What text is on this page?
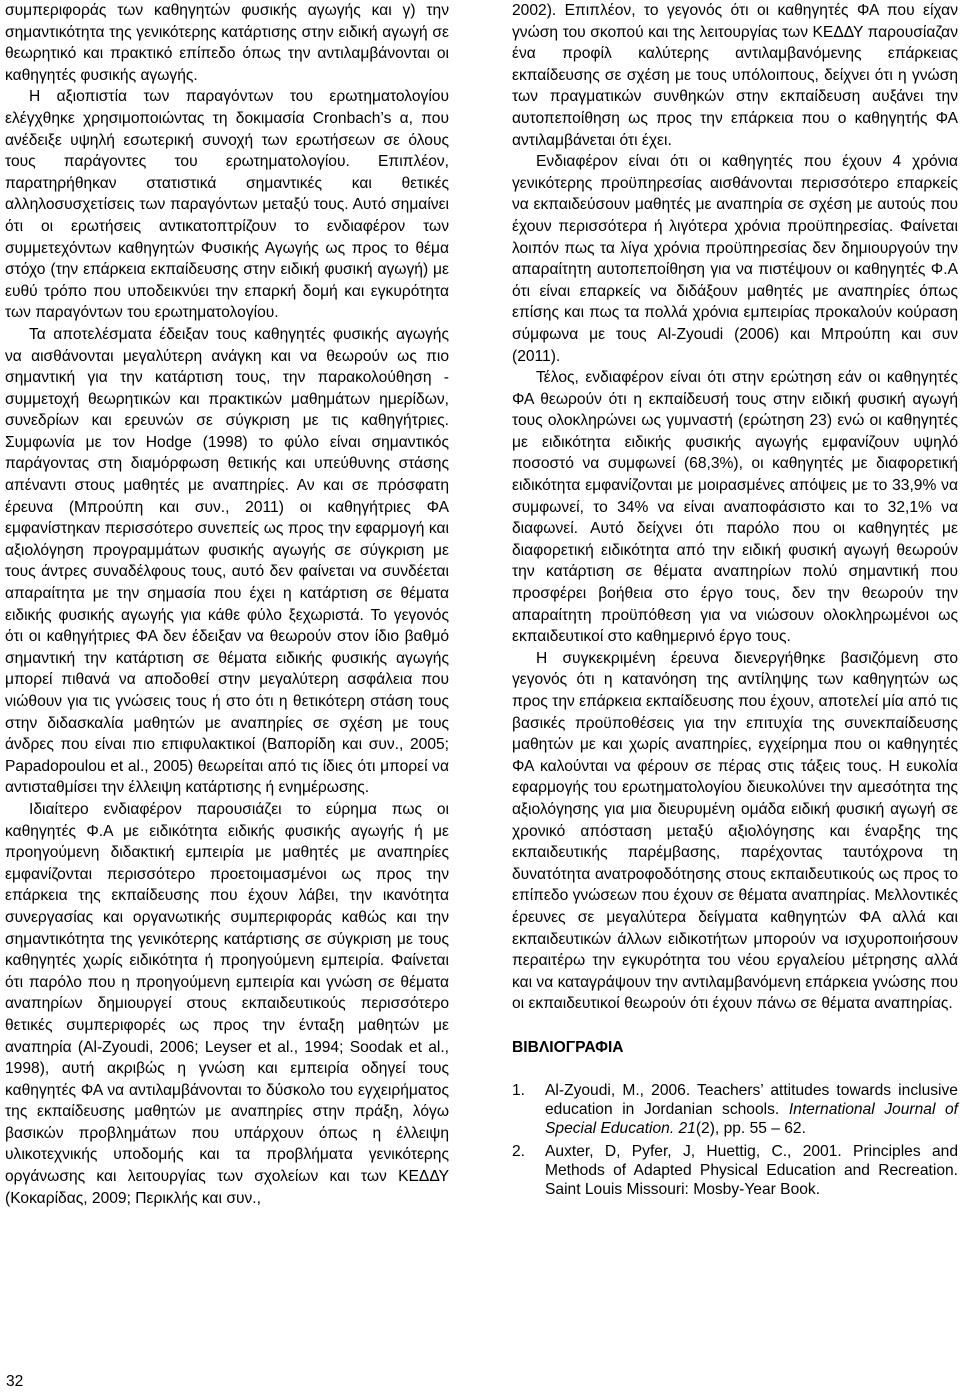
συμπεριφοράς των καθηγητών φυσικής αγωγής και γ) την σημαντικότητα της γενικότερης κατάρτισης στην ειδική αγωγή σε θεωρητικό και πρακτικό επίπεδο όπως την αντιλαμβάνονται οι καθηγητές φυσικής αγωγής.

Η αξιοπιστία των παραγόντων του ερωτηματολογίου ελέγχθηκε χρησιμοποιώντας τη δοκιμασία Cronbach’s α, που ανέδειξε υψηλή εσωτερική συνοχή των ερωτήσεων σε όλους τους παράγοντες του ερωτηματολογίου. Επιπλέον, παρατηρήθηκαν στατιστικά σημαντικές και θετικές αλληλοσυσχετίσεις των παραγόντων μεταξύ τους. Αυτό σημαίνει ότι οι ερωτήσεις αντικατοπτρίζουν το ενδιαφέρον των συμμετεχόντων καθηγητών Φυσικής Αγωγής ως προς το θέμα στόχο (την επάρκεια εκπαίδευσης στην ειδική φυσική αγωγή) με ευθύ τρόπο που υποδεικνύει την επαρκή δομή και εγκυρότητα των παραγόντων του ερωτηματολογίου.

Τα αποτελέσματα έδειξαν τους καθηγητές φυσικής αγωγής να αισθάνονται μεγαλύτερη ανάγκη και να θεωρούν ως πιο σημαντική για την κατάρτιση τους, την παρακολούθηση - συμμετοχή θεωρητικών και πρακτικών μαθημάτων ημερίδων, συνεδρίων και ερευνών σε σύγκριση με τις καθηγήτριες. Συμφωνία με τον Hodge (1998) το φύλο είναι σημαντικός παράγοντας στη διαμόρφωση θετικής και υπεύθυνης στάσης απέναντι στους μαθητές με αναπηρίες. Αν και σε πρόσφατη έρευνα (Μπρούπη και συν., 2011) οι καθηγήτριες ΦΑ εμφανίστηκαν περισσότερο συνεπείς ως προς την εφαρμογή και αξιολόγηση προγραμμάτων φυσικής αγωγής σε σύγκριση με τους άντρες συναδέλφους τους, αυτό δεν φαίνεται να συνδέεται απαραίτητα με την σημασία που έχει η κατάρτιση σε θέματα ειδικής φυσικής αγωγής για κάθε φύλο ξεχωριστά. Το γεγονός ότι οι καθηγήτριες ΦΑ δεν έδειξαν να θεωρούν στον ίδιο βαθμό σημαντική την κατάρτιση σε θέματα ειδικής φυσικής αγωγής μπορεί πιθανά να αποδοθεί στην μεγαλύτερη ασφάλεια που νιώθουν για τις γνώσεις τους ή στο ότι η θετικότερη στάση τους στην διδασκαλία μαθητών με αναπηρίες σε σχέση με τους άνδρες που είναι πιο επιφυλακτικοί (Βαπορίδη και συν., 2005; Papadopoulou et al., 2005) θεωρείται από τις ίδιες ότι μπορεί να αντισταθμίσει την έλλειψη κατάρτισης ή ενημέρωσης.

Ιδιαίτερο ενδιαφέρον παρουσιάζει το εύρημα πως οι καθηγητές Φ.Α με ειδικότητα ειδικής φυσικής αγωγής ή με προηγούμενη διδακτική εμπειρία με μαθητές με αναπηρίες εμφανίζονται περισσότερο προετοιμασμένοι ως προς την επάρκεια της εκπαίδευσης που έχουν λάβει, την ικανότητα συνεργασίας και οργανωτικής συμπεριφοράς καθώς και την σημαντικότητα της γενικότερης κατάρτισης σε σύγκριση με τους καθηγητές χωρίς ειδικότητα ή προηγούμενη εμπειρία. Φαίνεται ότι παρόλο που η προηγούμενη εμπειρία και γνώση σε θέματα αναπηρίων δημιουργεί στους εκπαιδευτικούς περισσότερο θετικές συμπεριφορές ως προς την ένταξη μαθητών με αναπηρία (Al-Zyoudi, 2006; Leyser et al., 1994; Soodak et al., 1998), αυτή ακριβώς η γνώση και εμπειρία οδηγεί τους καθηγητές ΦΑ να αντιλαμβάνονται το δύσκολο του εγχειρήματος της εκπαίδευσης μαθητών με αναπηρίες στην πράξη, λόγω βασικών προβλημάτων που υπάρχουν όπως η έλλειψη υλικοτεχνικής υποδομής και τα προβλήματα γενικότερης οργάνωσης και λειτουργίας των σχολείων και των ΚΕΔΔΥ (Κοκαρίδας, 2009; Περικλής και συν.,

2002). Επιπλέον, το γεγονός ότι οι καθηγητές ΦΑ που είχαν γνώση του σκοπού και της λειτουργίας των ΚΕΔΔΥ παρουσίαζαν ένα προφίλ καλύτερης αντιλαμβανόμενης επάρκειας εκπαίδευσης σε σχέση με τους υπόλοιπους, δείχνει ότι η γνώση των πραγματικών συνθηκών στην εκπαίδευση αυξάνει την αυτοπεποίθηση ως προς την επάρκεια που ο καθηγητής ΦΑ αντιλαμβάνεται ότι έχει.

Ενδιαφέρον είναι ότι οι καθηγητές που έχουν 4 χρόνια γενικότερης προϋπηρεσίας αισθάνονται περισσότερο επαρκείς να εκπαιδεύσουν μαθητές με αναπηρία σε σχέση με αυτούς που έχουν περισσότερα ή λιγότερα χρόνια προϋπηρεσίας. Φαίνεται λοιπόν πως τα λίγα χρόνια προϋπηρεσίας δεν δημιουργούν την απαραίτητη αυτοπεποίθηση για να πιστέψουν οι καθηγητές Φ.Α ότι είναι επαρκείς να διδάξουν μαθητές με αναπηρίες όπως επίσης και πως τα πολλά χρόνια εμπειρίας προκαλούν κούραση σύμφωνα με τους Al-Zyoudi (2006) και Μπρούπη και συν (2011).

Τέλος, ενδιαφέρον είναι ότι στην ερώτηση εάν οι καθηγητές ΦΑ θεωρούν ότι η εκπαίδευσή τους στην ειδική φυσική αγωγή τους ολοκληρώνει ως γυμναστή (ερώτηση 23) ενώ οι καθηγητές με ειδικότητα ειδικής φυσικής αγωγής εμφανίζουν υψηλό ποσοστό να συμφωνεί (68,3%), οι καθηγητές με διαφορετική ειδικότητα εμφανίζονται με μοιρασμένες απόψεις με το 33,9% να συμφωνεί, το 34% να είναι αναποφάσιστο και το 32,1% να διαφωνεί. Αυτό δείχνει ότι παρόλο που οι καθηγητές με διαφορετική ειδικότητα από την ειδική φυσική αγωγή θεωρούν την κατάρτιση σε θέματα αναπηρίων πολύ σημαντική που προσφέρει βοήθεια στο έργο τους, δεν την θεωρούν την απαραίτητη προϋπόθεση για να νιώσουν ολοκληρωμένοι ως εκπαιδευτικοί στο καθημερινό έργο τους.

Η συγκεκριμένη έρευνα διενεργήθηκε βασιζόμενη στο γεγονός ότι η κατανόηση της αντίληψης των καθηγητών ως προς την επάρκεια εκπαίδευσης που έχουν, αποτελεί μία από τις βασικές προϋποθέσεις για την επιτυχία της συνεκπαίδευσης μαθητών με και χωρίς αναπηρίες, εγχείρημα που οι καθηγητές ΦΑ καλούνται να φέρουν σε πέρας στις τάξεις τους. Η ευκολία εφαρμογής του ερωτηματολογίου διευκολύνει την αμεσότητα της αξιολόγησης για μια διευρυμένη ομάδα ειδική φυσική αγωγή σε χρονικό απόσταση μεταξύ αξιολόγησης και έναρξης της εκπαιδευτικής παρέμβασης, παρέχοντας ταυτόχρονα τη δυνατότητα ανατροφοδότησης στους εκπαιδευτικούς ως προς το επίπεδο γνώσεων που έχουν σε θέματα αναπηρίας. Μελλοντικές έρευνες σε μεγαλύτερα δείγματα καθηγητών ΦΑ αλλά και εκπαιδευτικών άλλων ειδικοτήτων μπορούν να ισχυροποιήσουν περαιτέρω την εγκυρότητα του νέου εργαλείου μέτρησης αλλά και να καταγράψουν την αντιλαμβανόμενη επάρκεια γνώσης που οι εκπαιδευτικοί θεωρούν ότι έχουν πάνω σε θέματα αναπηρίας.

ΒΙΒΛΙΟΓΡΑΦΙΑ

1. Al-Zyoudi, M., 2006. Teachers’ attitudes towards inclusive education in Jordanian schools. International Journal of Special Education. 21(2), pp. 55 – 62.
2. Auxter, D, Pyfer, J, Huettig, C., 2001. Principles and Methods of Adapted Physical Education and Recreation. Saint Louis Missouri: Mosby-Year Book.
32
